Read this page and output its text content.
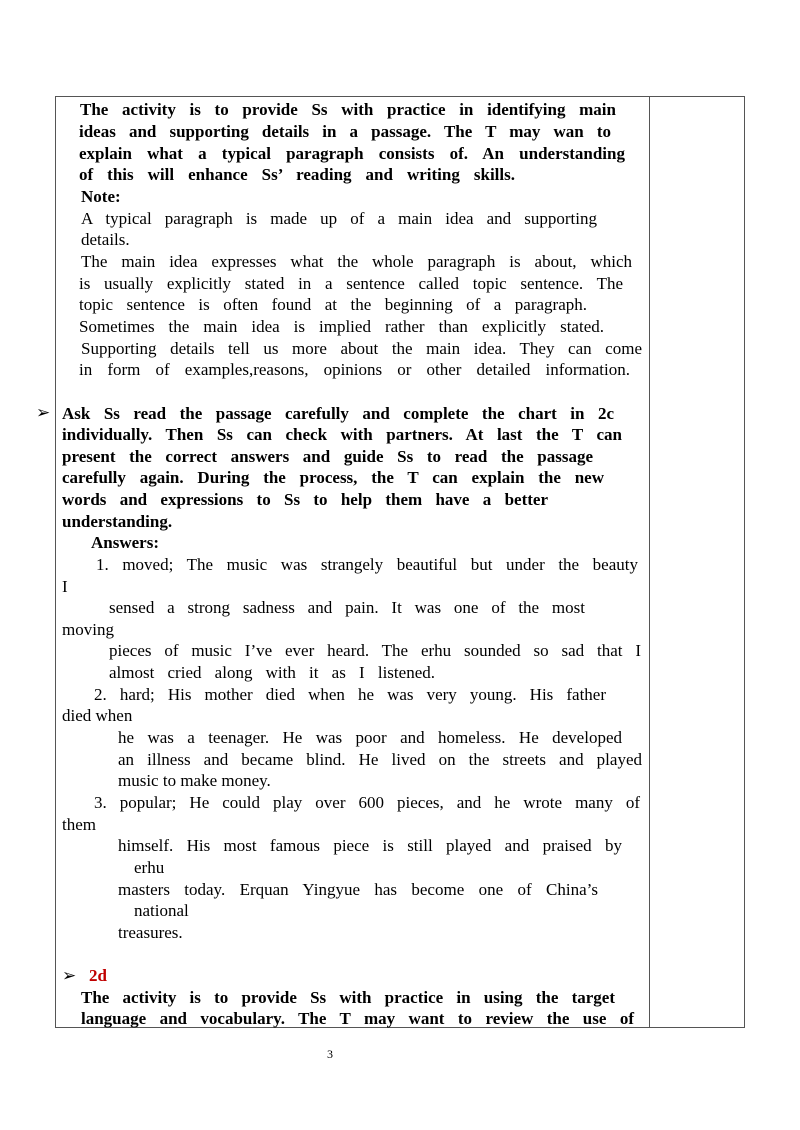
The activity is to provide Ss with practice in identifying main
ideas and supporting details in a passage. The T may wan to
explain what a typical paragraph consists of. An understanding
of this will enhance Ss’ reading and writing skills.
Note:
A typical paragraph is made up of a main idea and supporting
details.
The main idea expresses what the whole paragraph is about, which
is usually explicitly stated in a sentence called topic sentence. The
topic sentence is often found at the beginning of a paragraph.
Sometimes the main idea is implied rather than explicitly stated.
Supporting details tell us more about the main idea. They can come
in form of examples,reasons, opinions or other detailed information.
➢ Ask Ss read the passage carefully and complete the chart in 2c
individually. Then Ss can check with partners. At last the T can
present the correct answers and guide Ss to read the passage
carefully again. During the process, the T can explain the new
words and expressions to Ss to help them have a better
understanding.
Answers:
1. moved; The music was strangely beautiful but under the beauty
I
sensed a strong sadness and pain. It was one of the most
moving
pieces of music I’ve ever heard. The erhu sounded so sad that I
almost cried along with it as I listened.
2. hard; His mother died when he was very young. His father
died when
he was a teenager. He was poor and homeless. He developed
an illness and became blind. He lived on the streets and played
music to make money.
3. popular; He could play over 600 pieces, and he wrote many of
them
himself. His most famous piece is still played and praised by
erhu
masters today. Erquan Yingyue has become one of China’s
national
treasures.
➢ 2d
The activity is to provide Ss with practice in using the target
language and vocabulary. The T may want to review the use of
3
